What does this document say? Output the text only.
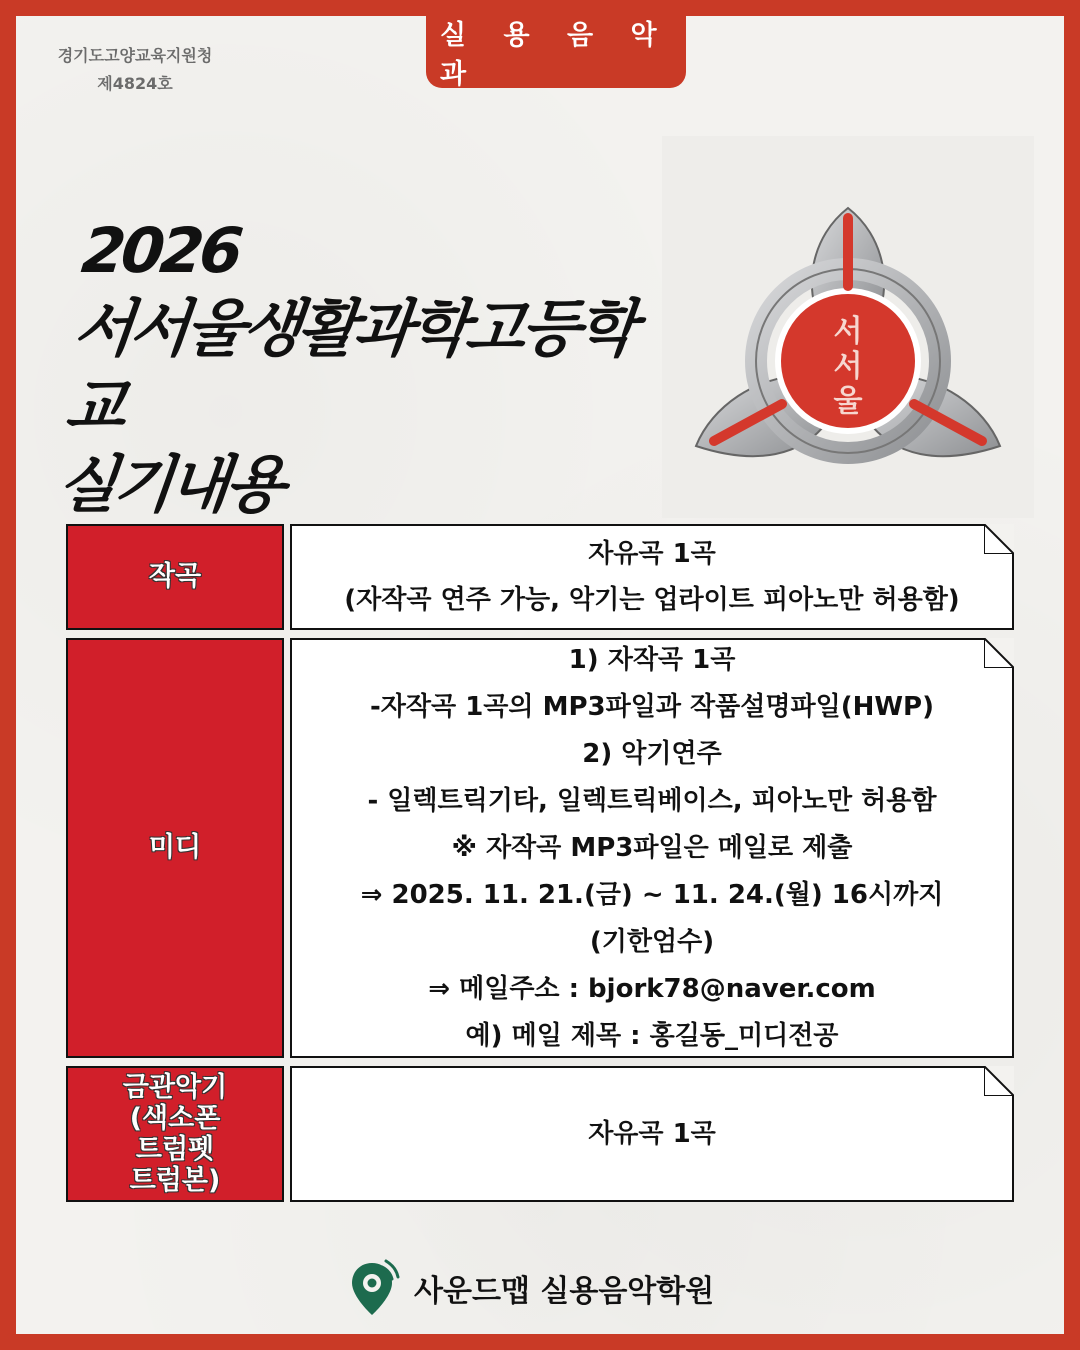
실 용 음 악 과
경기도고양교육지원청
제4824호
2026
서서울생활과학고등학교
실기내용
서
서
울
작곡
자유곡 1곡
(자작곡 연주 가능, 악기는 업라이트 피아노만 허용함)
미디
1) 자작곡 1곡
-자작곡 1곡의 MP3파일과 작품설명파일(HWP)
2) 악기연주
- 일렉트릭기타, 일렉트릭베이스, 피아노만 허용함
※ 자작곡 MP3파일은 메일로 제출
⇒ 2025. 11. 21.(금) ~ 11. 24.(월) 16시까지
(기한엄수)
⇒ 메일주소 : bjork78@naver.com
예) 메일 제목 : 홍길동_미디전공
금관악기
(색소폰
트럼펫
트럼본)
자유곡 1곡
사운드맵 실용음악학원
